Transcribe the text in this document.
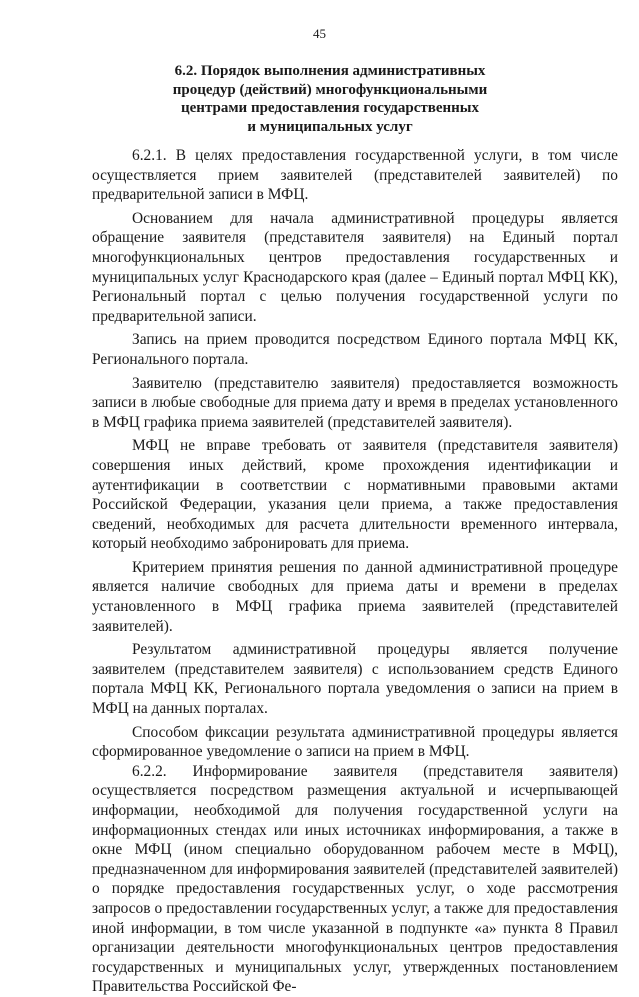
45
6.2. Порядок выполнения административных
процедур (действий) многофункциональными
центрами предоставления государственных
и муниципальных услуг

6.2.1. В целях предоставления государственной услуги, в том числе осуществляется прием заявителей (представителей заявителей) по предварительной записи в МФЦ.

Основанием для начала административной процедуры является обращение заявителя (представителя заявителя) на Единый портал многофункциональных центров предоставления государственных и муниципальных услуг Краснодарского края (далее – Единый портал МФЦ КК), Региональный портал с целью получения государственной услуги по предварительной записи.

Запись на прием проводится посредством Единого портала МФЦ КК, Регионального портала.

Заявителю (представителю заявителя) предоставляется возможность записи в любые свободные для приема дату и время в пределах установленного в МФЦ графика приема заявителей (представителей заявителя).

МФЦ не вправе требовать от заявителя (представителя заявителя) совершения иных действий, кроме прохождения идентификации и аутентификации в соответствии с нормативными правовыми актами Российской Федерации, указания цели приема, а также предоставления сведений, необходимых для расчета длительности временного интервала, который необходимо забронировать для приема.

Критерием принятия решения по данной административной процедуре является наличие свободных для приема даты и времени в пределах установленного в МФЦ графика приема заявителей (представителей заявителей).

Результатом административной процедуры является получение заявителем (представителем заявителя) с использованием средств Единого портала МФЦ КК, Регионального портала уведомления о записи на прием в МФЦ на данных порталах.

Способом фиксации результата административной процедуры является сформированное уведомление о записи на прием в МФЦ.

6.2.2. Информирование заявителя (представителя заявителя) осуществляется посредством размещения актуальной и исчерпывающей информации, необходимой для получения государственной услуги на информационных стендах или иных источниках информирования, а также в окне МФЦ (ином специально оборудованном рабочем месте в МФЦ), предназначенном для информирования заявителей (представителей заявителей) о порядке предоставления государственных услуг, о ходе рассмотрения запросов о предоставлении государственных услуг, а также для предоставления иной информации, в том числе указанной в подпункте «а» пункта 8 Правил организации деятельности многофункциональных центров предоставления государственных и муниципальных услуг, утвержденных постановлением Правительства Российской Фе-
